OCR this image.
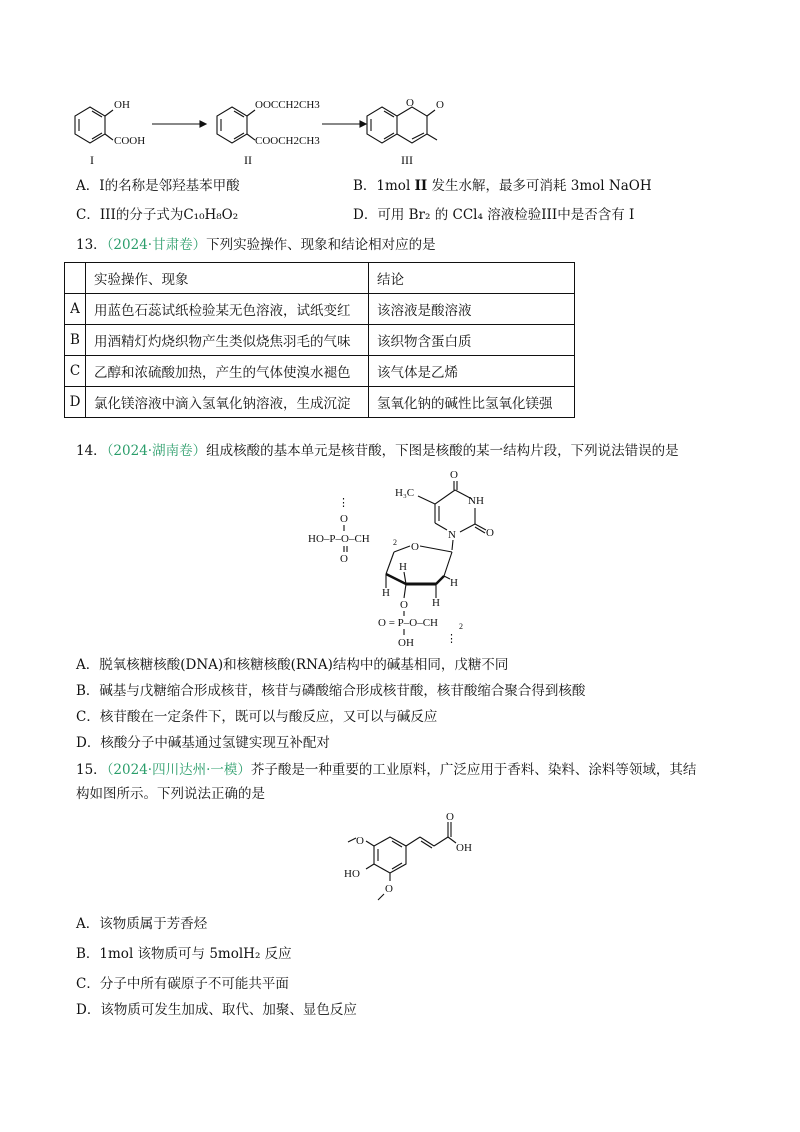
OH
COOH
I
OOCCH2CH3
COOCH2CH3
II
O O
III
A．I的名称是邻羟基苯甲酸	B．1mol II 发生水解，最多可消耗 3mol NaOH
C．III的分子式为C₁₀H₈O₂	D．可用 Br₂ 的 CCl₄ 溶液检验III中是否含有 I
13．（2024·甘肃卷）下列实验操作、现象和结论相对应的是
	实验操作、现象	结论
A	用蓝色石蕊试纸检验某无色溶液，试纸变红	该溶液是酸溶液
B	用酒精灯灼烧织物产生类似烧焦羽毛的气味	该织物含蛋白质
C	乙醇和浓硫酸加热，产生的气体使溴水褪色	该气体是乙烯
D	氯化镁溶液中滴入氢氧化钠溶液，生成沉淀	氢氧化钠的碱性比氢氧化镁强
14．（2024·湖南卷）组成核酸的基本单元是核苷酸，下图是核酸的某一结构片段，下列说法错误的是
O
NH
O
N
H₃C
O
H
H
H
H
⋮
O
HO–P–O–CH	2
O
O
O = P–O–CH	2
OH	⋮
A．脱氧核糖核酸(DNA)和核糖核酸(RNA)结构中的碱基相同，戊糖不同
B．碱基与戊糖缩合形成核苷，核苷与磷酸缩合形成核苷酸，核苷酸缩合聚合得到核酸
C．核苷酸在一定条件下，既可以与酸反应，又可以与碱反应
D．核酸分子中碱基通过氢键实现互补配对
15．（2024·四川达州·一模）芥子酸是一种重要的工业原料，广泛应用于香料、染料、涂料等领域，其结
构如图所示。下列说法正确的是
O
HO
O
O
OH
A．该物质属于芳香烃
B．1mol 该物质可与 5molH₂ 反应
C．分子中所有碳原子不可能共平面
D．该物质可发生加成、取代、加聚、显色反应
